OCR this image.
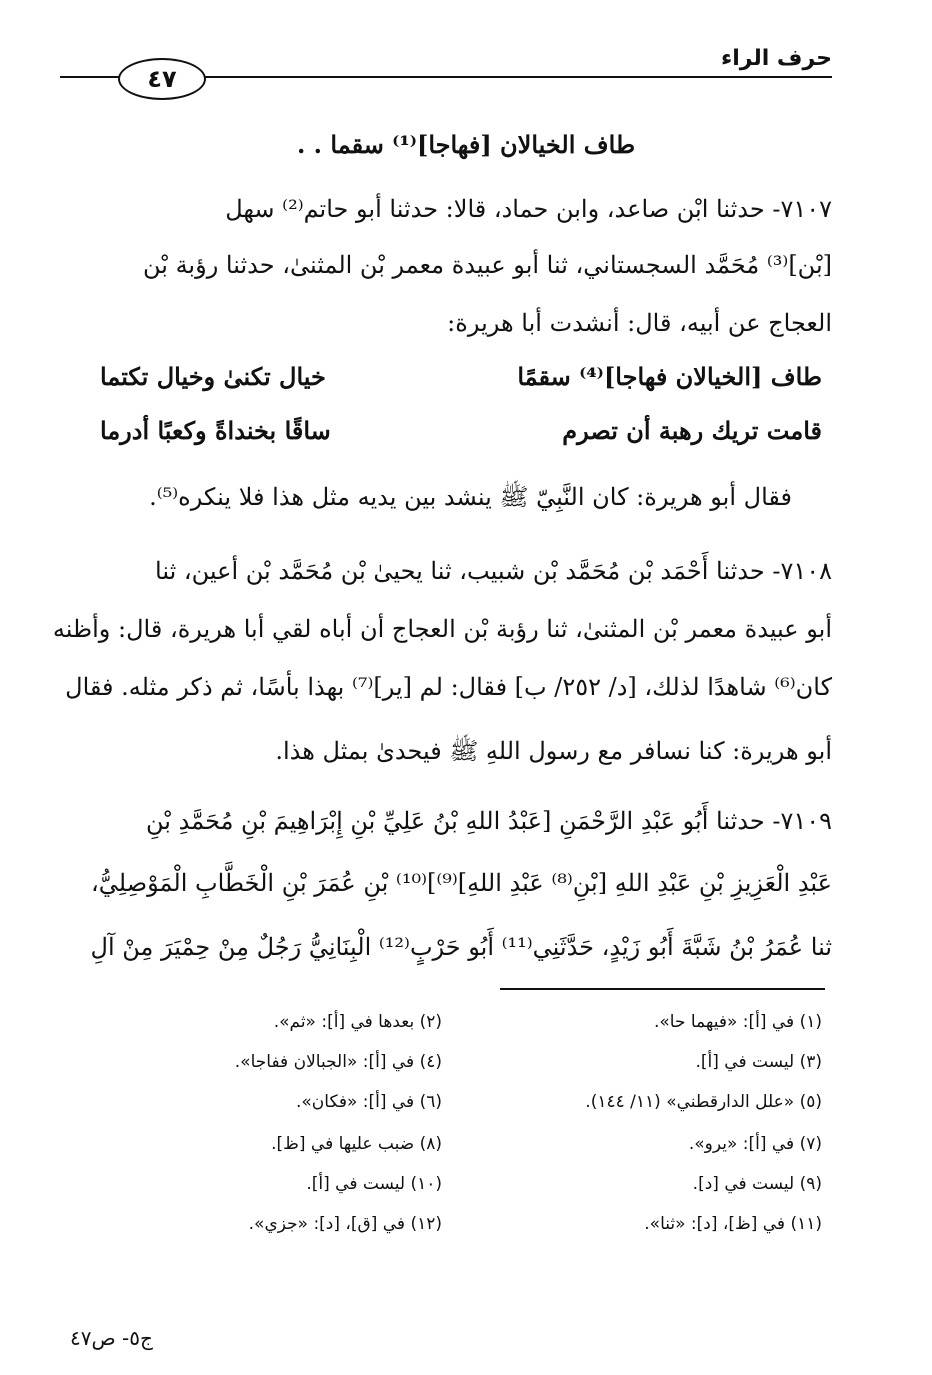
حرف الراء
٤٧
طاف الخيالان [فهاجا]⁽¹⁾ سقما . .
٧١٠٧- حدثنا ابْن صاعد، وابن حماد، قالا: حدثنا أبو حاتم⁽²⁾ سهل
[بْن]⁽³⁾ مُحَمَّد السجستاني، ثنا أبو عبيدة معمر بْن المثنىٰ، حدثنا رؤبة بْن
العجاج عن أبيه، قال: أنشدت أبا هريرة:
طاف [الخيالان فهاجا]⁽⁴⁾ سقمًا
خيال تكنىٰ وخيال تكتما
قامت تريك رهبة أن تصرم
ساقًا بخنداةً وكعبًا أدرما
فقال أبو هريرة: كان النَّبِيّ ﷺ ينشد بين يديه مثل هذا فلا ينكره⁽⁵⁾.
٧١٠٨- حدثنا أَحْمَد بْن مُحَمَّد بْن شبيب، ثنا يحيىٰ بْن مُحَمَّد بْن أعين، ثنا
أبو عبيدة معمر بْن المثنىٰ، ثنا رؤبة بْن العجاج أن أباه لقي أبا هريرة، قال: وأظنه
كان⁽⁶⁾ شاهدًا لذلك، [د/ ٢٥٢/ ب] فقال: لم [ير]⁽⁷⁾ بهذا بأسًا، ثم ذكر مثله. فقال
أبو هريرة: كنا نسافر مع رسول اللهِ ﷺ فيحدىٰ بمثل هذا.
٧١٠٩- حدثنا أَبُو عَبْدِ الرَّحْمَنِ [عَبْدُ اللهِ بْنُ عَلِيِّ بْنِ إِبْرَاهِيمَ بْنِ مُحَمَّدِ بْنِ
عَبْدِ الْعَزِيزِ بْنِ عَبْدِ اللهِ [بْنِ⁽⁸⁾ عَبْدِ اللهِ]⁽⁹⁾]⁽¹⁰⁾ بْنِ عُمَرَ بْنِ الْخَطَّابِ الْمَوْصِلِيُّ،
ثنا عُمَرُ بْنُ شَبَّةَ أَبُو زَيْدٍ، حَدَّثَنِي⁽¹¹⁾ أَبُو حَرْبٍ⁽¹²⁾ الْبِنَانِيُّ رَجُلٌ مِنْ حِمْيَرَ مِنْ آلِ
(١) في [أ]: «فيهما حا».
(٢) بعدها في [أ]: «ثم».
(٣) ليست في [أ].
(٤) في [أ]: «الجبالان ففاجا».
(٥) «علل الدارقطني» (١١/ ١٤٤).
(٦) في [أ]: «فكان».
(٧) في [أ]: «يرو».
(٨) ضبب عليها في [ظ].
(٩) ليست في [د].
(١٠) ليست في [أ].
(١١) في [ظ]، [د]: «ثنا».
(١٢) في [ق]، [د]: «جزي».
ج٥- ص٤٧
